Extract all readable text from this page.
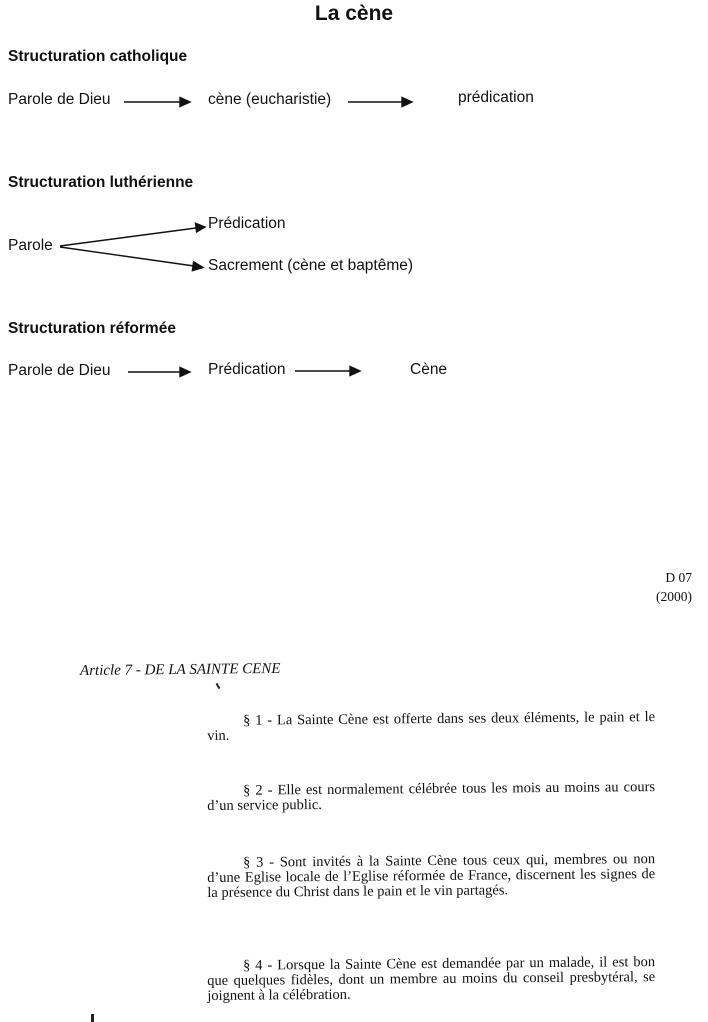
La cène
Structuration catholique
Parole de Dieu	cène (eucharistie)	prédication
Structuration luthérienne
Parole
Prédication
Sacrement (cène et baptême)
Structuration réformée
Parole de Dieu	Prédication	Cène
D 07
(2000)
Article 7 - DE LA SAINTE CENE
§ 1 - La Sainte Cène est offerte dans ses deux éléments, le pain et le vin.
§ 2 - Elle est normalement célébrée tous les mois au moins au cours d’un service public.
§ 3 - Sont invités à la Sainte Cène tous ceux qui, membres ou non d’une Eglise locale de l’Eglise réformée de France, discernent les signes de la présence du Christ dans le pain et le vin partagés.
§ 4 - Lorsque la Sainte Cène est demandée par un malade, il est bon que quelques fidèles, dont un membre au moins du conseil presbytéral, se joignent à la célébration.
